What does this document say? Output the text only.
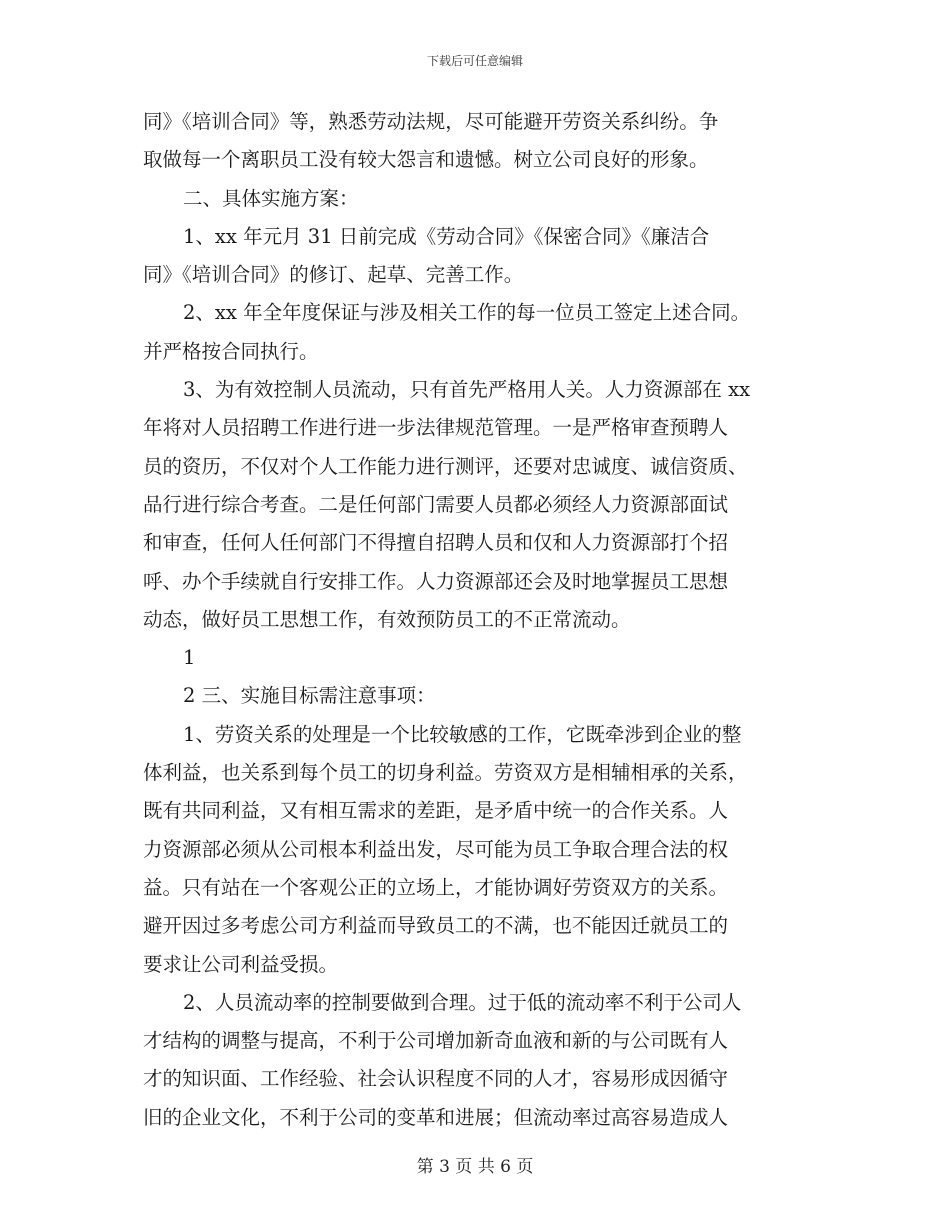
下载后可任意编辑
同》《培训合同》等，熟悉劳动法规，尽可能避开劳资关系纠纷。争
取做每一个离职员工没有较大怨言和遗憾。树立公司良好的形象。
二、具体实施方案：
1、xx 年元月 31 日前完成《劳动合同》《保密合同》《廉洁合
同》《培训合同》的修订、起草、完善工作。
2、xx 年全年度保证与涉及相关工作的每一位员工签定上述合同。
并严格按合同执行。
3、为有效控制人员流动，只有首先严格用人关。人力资源部在 xx
年将对人员招聘工作进行进一步法律规范管理。一是严格审查预聘人
员的资历，不仅对个人工作能力进行测评，还要对忠诚度、诚信资质、
品行进行综合考查。二是任何部门需要人员都必须经人力资源部面试
和审查，任何人任何部门不得擅自招聘人员和仅和人力资源部打个招
呼、办个手续就自行安排工作。人力资源部还会及时地掌握员工思想
动态，做好员工思想工作，有效预防员工的不正常流动。
1
2 三、实施目标需注意事项：
1、劳资关系的处理是一个比较敏感的工作，它既牵涉到企业的整
体利益，也关系到每个员工的切身利益。劳资双方是相辅相承的关系，
既有共同利益，又有相互需求的差距，是矛盾中统一的合作关系。人
力资源部必须从公司根本利益出发，尽可能为员工争取合理合法的权
益。只有站在一个客观公正的立场上，才能协调好劳资双方的关系。
避开因过多考虑公司方利益而导致员工的不满，也不能因迁就员工的
要求让公司利益受损。
2、人员流动率的控制要做到合理。过于低的流动率不利于公司人
才结构的调整与提高，不利于公司增加新奇血液和新的与公司既有人
才的知识面、工作经验、社会认识程度不同的人才，容易形成因循守
旧的企业文化，不利于公司的变革和进展；但流动率过高容易造成人
第 3 页 共 6 页
